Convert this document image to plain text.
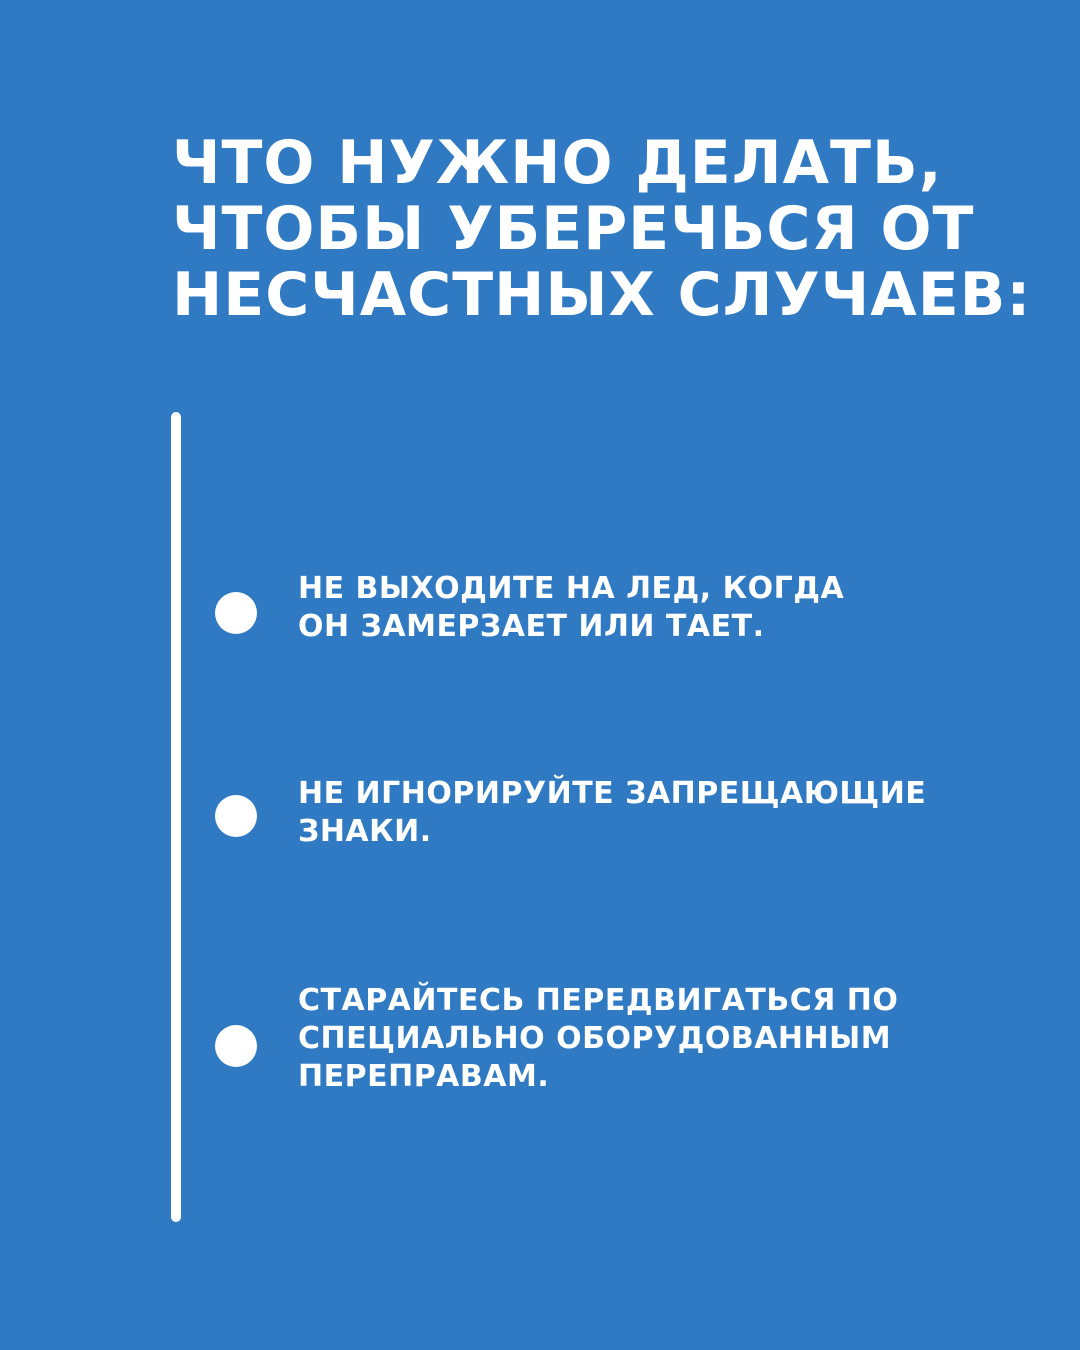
ЧТО НУЖНО ДЕЛАТЬ,
ЧТОБЫ УБЕРЕЧЬСЯ ОТ
НЕСЧАСТНЫХ СЛУЧАЕВ:
НЕ ВЫХОДИТЕ НА ЛЕД, КОГДА
ОН ЗАМЕРЗАЕТ ИЛИ ТАЕТ.
НЕ ИГНОРИРУЙТЕ ЗАПРЕЩАЮЩИЕ
ЗНАКИ.
СТАРАЙТЕСЬ ПЕРЕДВИГАТЬСЯ ПО
СПЕЦИАЛЬНО ОБОРУДОВАННЫМ
ПЕРЕПРАВАМ.
